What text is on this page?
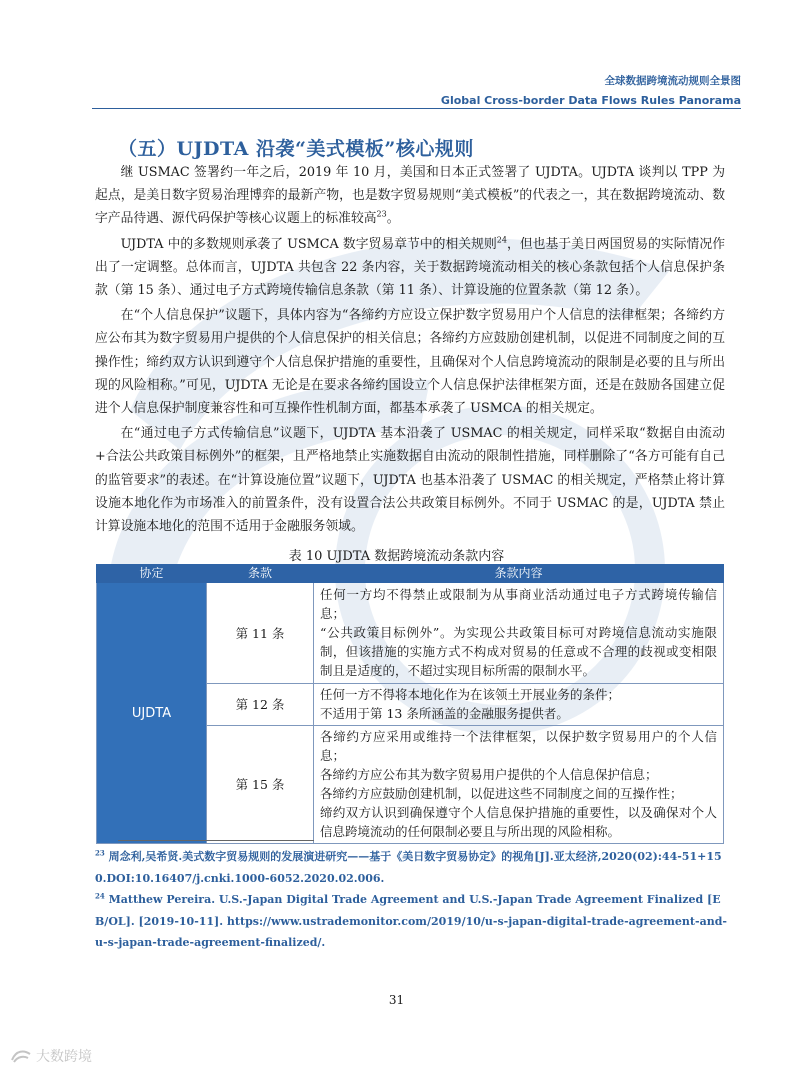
全球数据跨境流动规则全景图
Global Cross-border Data Flows Rules Panorama
（五）UJDTA 沿袭“美式模板”核心规则

继 USMAC 签署约一年之后，2019 年 10 月，美国和日本正式签署了 UJDTA。UJDTA 谈判以 TPP 为起点，是美日数字贸易治理博弈的最新产物，也是数字贸易规则“美式模板”的代表之一，其在数据跨境流动、数字产品待遇、源代码保护等核心议题上的标准较高$^{23}$。

UJDTA 中的多数规则承袭了 USMCA 数字贸易章节中的相关规则$^{24}$，但也基于美日两国贸易的实际情况作出了一定调整。总体而言，UJDTA 共包含 22 条内容，关于数据跨境流动相关的核心条款包括个人信息保护条款（第 15 条）、通过电子方式跨境传输信息条款（第 11 条）、计算设施的位置条款（第 12 条）。

在“个人信息保护”议题下，具体内容为“各缔约方应设立保护数字贸易用户个人信息的法律框架；各缔约方应公布其为数字贸易用户提供的个人信息保护的相关信息；各缔约方应鼓励创建机制，以促进不同制度之间的互操作性；缔约双方认识到遵守个人信息保护措施的重要性，且确保对个人信息跨境流动的限制是必要的且与所出现的风险相称。”可见，UJDTA 无论是在要求各缔约国设立个人信息保护法律框架方面，还是在鼓励各国建立促进个人信息保护制度兼容性和可互操作性机制方面，都基本承袭了 USMCA 的相关规定。

在“通过电子方式传输信息”议题下，UJDTA 基本沿袭了 USMAC 的相关规定，同样采取“数据自由流动+合法公共政策目标例外”的框架，且严格地禁止实施数据自由流动的限制性措施，同样删除了“各方可能有自己的监管要求”的表述。在“计算设施位置”议题下，UJDTA 也基本沿袭了 USMAC 的相关规定，严格禁止将计算设施本地化作为市场准入的前置条件，没有设置合法公共政策目标例外。不同于 USMAC 的是，UJDTA 禁止计算设施本地化的范围不适用于金融服务领域。

表 10 UJDTA 数据跨境流动条款内容
协定	条款	条款内容
UJDTA	第 11 条	任何一方均不得禁止或限制为从事商业活动通过电子方式跨境传输信息；
“公共政策目标例外”。为实现公共政策目标可对跨境信息流动实施限制，但该措施的实施方式不构成对贸易的任意或不合理的歧视或变相限制且是适度的，不超过实现目标所需的限制水平。

	第 12 条	任何一方不得将本地化作为在该领土开展业务的条件；
不适用于第 13 条所涵盖的金融服务提供者。

	第 15 条	各缔约方应采用或维持一个法律框架，以保护数字贸易用户的个人信息；
各缔约方应公布其为数字贸易用户提供的个人信息保护信息；
各缔约方应鼓励创建机制，以促进这些不同制度之间的互操作性；
缔约双方认识到确保遵守个人信息保护措施的重要性，以及确保对个人信息跨境流动的任何限制必要且与所出现的风险相称。

$^{23}$ 周念利,吴希贤.美式数字贸易规则的发展演进研究——基于《美日数字贸易协定》的视角[J].亚太经济,2020(02):44-51+150.DOI:10.16407/j.cnki.1000-6052.2020.02.006.

$^{24}$ Matthew Pereira. U.S.-Japan Digital Trade Agreement and U.S.-Japan Trade Agreement Finalized [EB/OL]. [2019-10-11]. https://www.ustrademonitor.com/2019/10/u-s-japan-digital-trade-agreement-and-u-s-japan-trade-agreement-finalized/.

31
大数跨境
